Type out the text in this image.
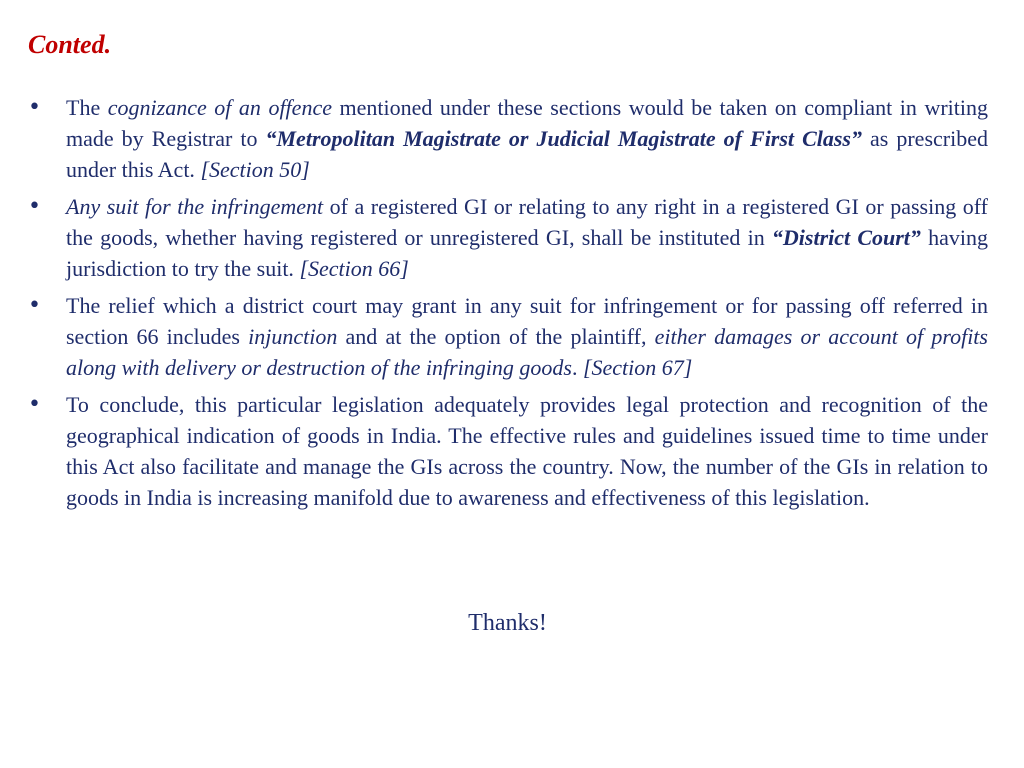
Conted.
•	The cognizance of an offence mentioned under these sections would be taken on compliant in writing made by Registrar to “Metropolitan Magistrate or Judicial Magistrate of First Class” as prescribed under this Act. [Section 50]
•	Any suit for the infringement of a registered GI or relating to any right in a registered GI or passing off the goods, whether having registered or unregistered GI, shall be instituted in “District Court” having jurisdiction to try the suit. [Section 66]
•	The relief which a district court may grant in any suit for infringement or for passing off referred in section 66 includes injunction and at the option of the plaintiff, either damages or account of profits along with delivery or destruction of the infringing goods. [Section 67]
•	To conclude, this particular legislation adequately provides legal protection and recognition of the geographical indication of goods in India. The effective rules and guidelines issued time to time under this Act also facilitate and manage the GIs across the country. Now, the number of the GIs in relation to goods in India is increasing manifold due to awareness and effectiveness of this legislation.
Thanks!
